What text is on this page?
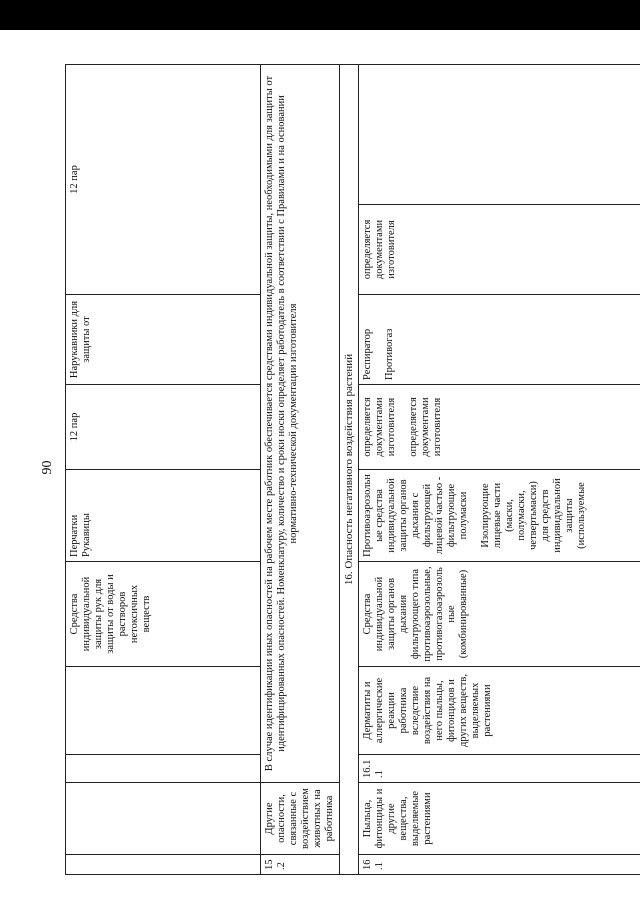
90
				Средства индивидуальной защиты рук для защиты от воды и растворов нетоксичных веществ	Перчатки Рукавицы	12 пар	Нарукавники для защиты от	12 пар	
15.2	Другие опасности, связанные с воздействием животных на работника	В случае идентификации иных опасностей на рабочем месте работник обеспечивается средствами индивидуальной защиты, необходимыми для защиты от идентифицированных опасностей. Номенклатуру, количество и сроки носки определяет работодатель в соответствии с Правилами и на основании нормативно-технической документации изготовителя							
16. Опасность негативного воздействия растений									
16.1	Пыльца, фитонциды и другие вещества, выделяемые растениями	16.1.1	Дерматиты и аллергические реакции работника вследствие воздействия на него пыльцы, фитонцидов и других веществ, выделяемых растениями	Средства индивидуальной защиты органов дыхания фильтрующего типа противоаэрозольные, противогазоаэрозольные (комбинированные)	Противоаэрозольные средства индивидуальной защиты органов дыхания с фильтрующей лицевой частью - фильтрующие полумаски Изолирующие лицевые части (маски, полумаски, четвертьмаски) для средств индивидуальной защиты (используемые	определяется документами изготовителя определяется документами изготовителя	Респиратор Противогаз	определяется документами изготовителя	
